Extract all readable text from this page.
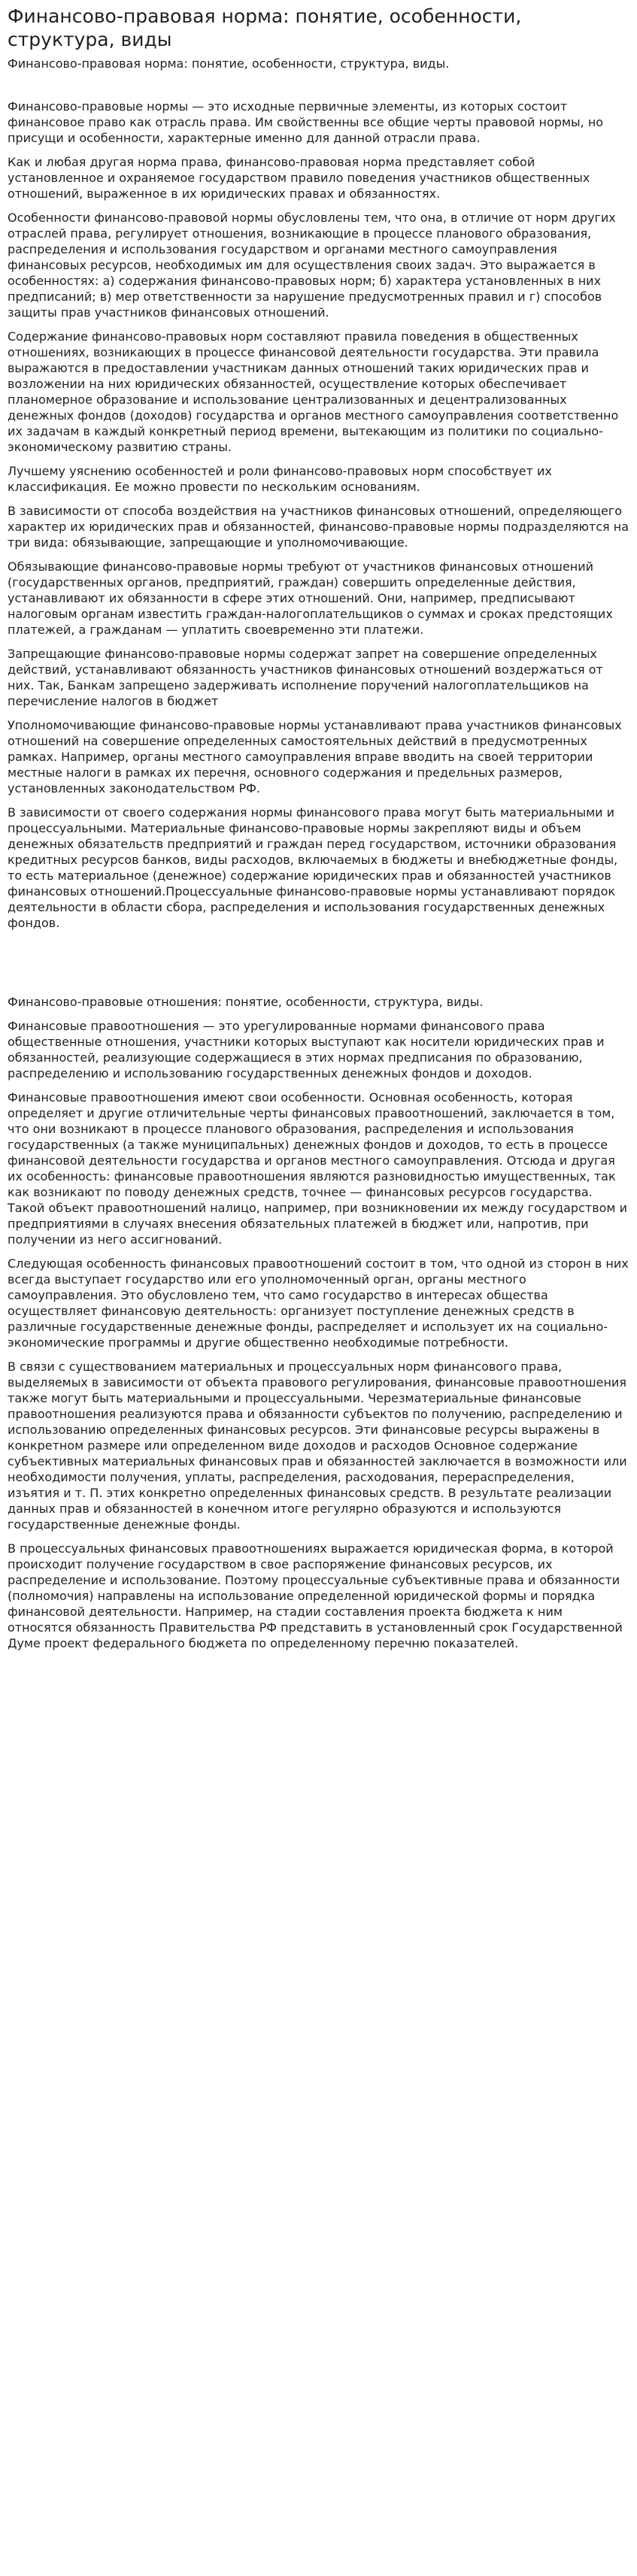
Финансово-правовая норма: понятие, особенности, структура, виды

Финансово-правовая норма: понятие, особенности, структура, виды.

Финансово-правовые нормы — это исходные первичные элементы, из которых состоит финансовое право как отрасль права. Им свойственны все общие черты правовой нормы, но присущи и особенности, характерные именно для данной отрасли права.

Как и любая другая норма права, финансово-правовая норма представляет собой установленное и охраняемое государством правило поведения участников общественных отношений, выраженное в их юридических правах и обязанностях.

Особенности финансово-правовой нормы обусловлены тем, что она, в отличие от норм других отраслей права, регулирует отношения, возникающие в процессе планового образования, распределения и использования государством и органами местного самоуправления финансовых ресурсов, необходимых им для осуществления своих задач. Это выражается в особенностях: а) содержания финансово-правовых норм; б) характера установленных в них предписаний; в) мер ответственности за нарушение предусмотренных правил и г) способов защиты прав участников финансовых отношений.

Содержание финансово-правовых норм составляют правила поведения в общественных отношениях, возникающих в процессе финансовой деятельности государства. Эти правила выражаются в предоставлении участникам данных отношений таких юридических прав и возложении на них юридических обязанностей, осуществление которых обеспечивает планомерное образование и использование централизованных и децентрализованных денежных фондов (доходов) государства и органов местного самоуправления соответственно их задачам в каждый конкретный период времени, вытекающим из политики по социально-экономическому развитию страны.

Лучшему уяснению особенностей и роли финансово-правовых норм способствует их классификация. Ее можно провести по нескольким основаниям.

В зависимости от способа воздействия на участников финансовых отношений, определяющего характер их юридических прав и обязанностей, финансово-правовые нормы подразделяются на три вида: обязывающие, запрещающие и уполномочивающие.

Обязывающие финансово-правовые нормы требуют от участников финансовых отношений (государственных органов, предприятий, граждан) совершить определенные действия, устанавливают их обязанности в сфере этих отношений. Они, например, предписывают налоговым органам известить граждан-налогоплательщиков о суммах и сроках предстоящих платежей, а гражданам — уплатить своевременно эти платежи.

Запрещающие финансово-правовые нормы содержат запрет на совершение определенных действий, устанавливают обязанность участников финансовых отношений воздержаться от них. Так, Банкам запрещено задерживать исполнение поручений налогоплательщиков на перечисление налогов в бюджет

Уполномочивающие финансово-правовые нормы устанавливают права участников финансовых отношений на совершение определенных самостоятельных действий в предусмотренных рамках. Например, органы местного самоуправления вправе вводить на своей территории местные налоги в рамках их перечня, основного содержания и предельных размеров, установленных законодательством РФ.

В зависимости от своего содержания нормы финансового права могут быть материальными и процессуальными. Материальные финансово-правовые нормы закрепляют виды и объем денежных обязательств предприятий и граждан перед государством, источники образования кредитных ресурсов банков, виды расходов, включаемых в бюджеты и внебюджетные фонды, то есть материальное (денежное) содержание юридических прав и обязанностей участников финансовых отношений.Процессуальные финансово-правовые нормы устанавливают порядок деятельности в области сбора, распределения и использования государственных денежных фондов.

Финансово-правовые отношения: понятие, особенности, структура, виды.

Финансовые правоотношения — это урегулированные нормами финансового права общественные отношения, участники которых выступают как носители юридических прав и обязанностей, реализующие содержащиеся в этих нормах предписания по образованию, распределению и использованию государственных денежных фондов и доходов.

Финансовые правоотношения имеют свои особенности. Основная особенность, которая определяет и другие отличительные черты финансовых правоотношений, заключается в том, что они возникают в процессе планового образования, распределения и использования государственных (а также муниципальных) денежных фондов и доходов, то есть в процессе финансовой деятельности государства и органов местного самоуправления. Отсюда и другая их особенность: финансовые правоотношения являются разновидностью имущественных, так как возникают по поводу денежных средств, точнее — финансовых ресурсов государства. Такой объект правоотношений налицо, например, при возникновении их между государством и предприятиями в случаях внесения обязательных платежей в бюджет или, напротив, при получении из него ассигнований.

Следующая особенность финансовых правоотношений состоит в том, что одной из сторон в них всегда выступает государство или его уполномоченный орган, органы местного самоуправления. Это обусловлено тем, что само государство в интересах общества осуществляет финансовую деятельность: организует поступление денежных средств в различные государственные денежные фонды, распределяет и использует их на социально-экономические программы и другие общественно необходимые потребности.

В связи с существованием материальных и процессуальных норм финансового права, выделяемых в зависимости от объекта правового регулирования, финансовые правоотношения также могут быть материальными и процессуальными. Черезматериальные финансовые правоотношения реализуются права и обязанности субъектов по получению, распределению и использованию определенных финансовых ресурсов. Эти финансовые ресурсы выражены в конкретном размере или определенном виде доходов и расходов Основное содержание субъективных материальных финансовых прав и обязанностей заключается в возможности или необходимости получения, уплаты, распределения, расходования, перераспределения, изъятия и т. П. этих конкретно определенных финансовых средств. В результате реализации данных прав и обязанностей в конечном итоге регулярно образуются и используются государственные денежные фонды.

В процессуальных финансовых правоотношениях выражается юридическая форма, в которой происходит получение государством в свое распоряжение финансовых ресурсов, их распределение и использование. Поэтому процессуальные субъективные права и обязанности (полномочия) направлены на использование определенной юридической формы и порядка финансовой деятельности. Например, на стадии составления проекта бюджета к ним относятся обязанность Правительства РФ представить в установленный срок Государственной Думе проект федерального бюджета по определенному перечню показателей.
